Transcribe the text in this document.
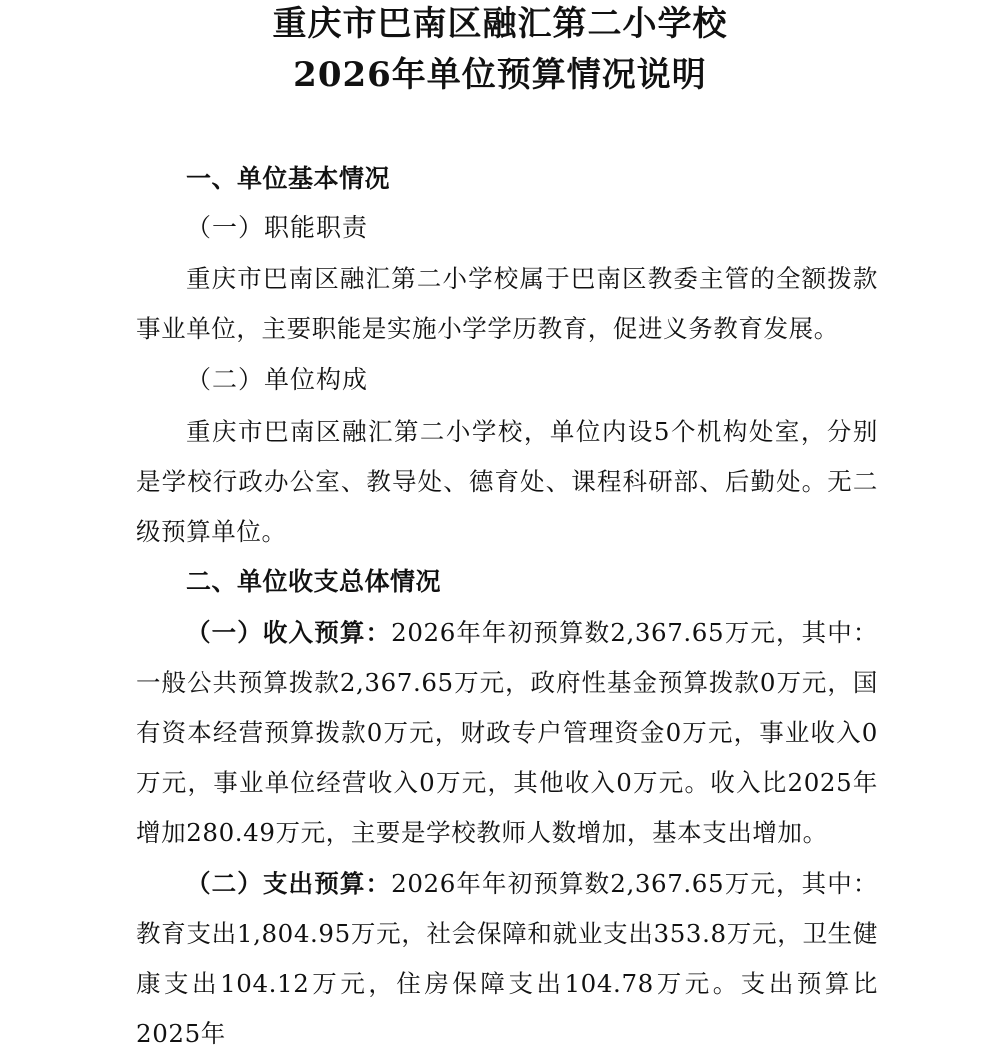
重庆市巴南区融汇第二小学校
2026年单位预算情况说明
一、单位基本情况
（一）职能职责
重庆市巴南区融汇第二小学校属于巴南区教委主管的全额拨款事业单位，主要职能是实施小学学历教育，促进义务教育发展。
（二）单位构成
重庆市巴南区融汇第二小学校，单位内设5个机构处室，分别是学校行政办公室、教导处、德育处、课程科研部、后勤处。无二级预算单位。
二、单位收支总体情况
（一）收入预算：2026年年初预算数2,367.65万元，其中：一般公共预算拨款2,367.65万元，政府性基金预算拨款0万元，国有资本经营预算拨款0万元，财政专户管理资金0万元，事业收入0万元，事业单位经营收入0万元，其他收入0万元。收入比2025年增加280.49万元，主要是学校教师人数增加，基本支出增加。
（二）支出预算：2026年年初预算数2,367.65万元，其中：教育支出1,804.95万元，社会保障和就业支出353.8万元，卫生健康支出104.12万元，住房保障支出104.78万元。支出预算比2025年
